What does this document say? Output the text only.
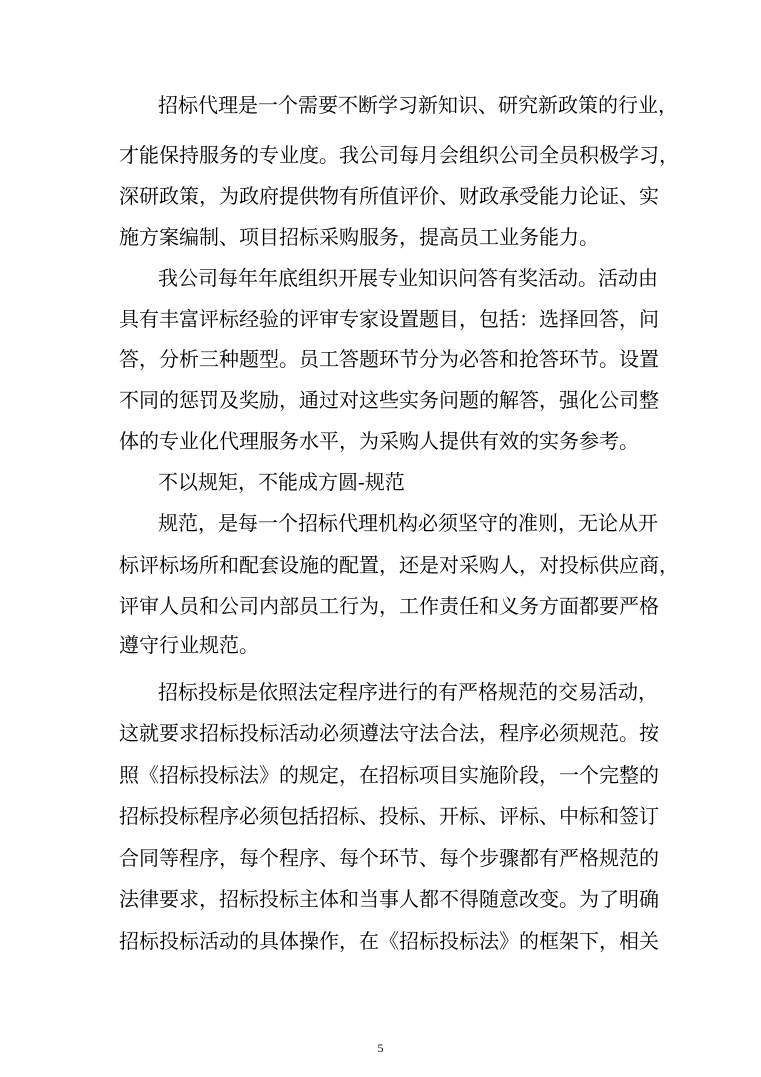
招标代理是一个需要不断学习新知识、研究新政策的行业，

才能保持服务的专业度。我公司每月会组织公司全员积极学习，

深研政策，为政府提供物有所值评价、财政承受能力论证、实

施方案编制、项目招标采购服务，提高员工业务能力。

我公司每年年底组织开展专业知识问答有奖活动。活动由

具有丰富评标经验的评审专家设置题目，包括：选择回答，问

答，分析三种题型。员工答题环节分为必答和抢答环节。设置

不同的惩罚及奖励，通过对这些实务问题的解答，强化公司整

体的专业化代理服务水平，为采购人提供有效的实务参考。

不以规矩，不能成方圆-规范

规范，是每一个招标代理机构必须坚守的准则，无论从开

标评标场所和配套设施的配置，还是对采购人，对投标供应商，

评审人员和公司内部员工行为，工作责任和义务方面都要严格

遵守行业规范。

招标投标是依照法定程序进行的有严格规范的交易活动，

这就要求招标投标活动必须遵法守法合法，程序必须规范。按

照《招标投标法》的规定，在招标项目实施阶段，一个完整的

招标投标程序必须包括招标、投标、开标、评标、中标和签订

合同等程序，每个程序、每个环节、每个步骤都有严格规范的

法律要求，招标投标主体和当事人都不得随意改变。为了明确

招标投标活动的具体操作，在《招标投标法》的框架下，相关

5
